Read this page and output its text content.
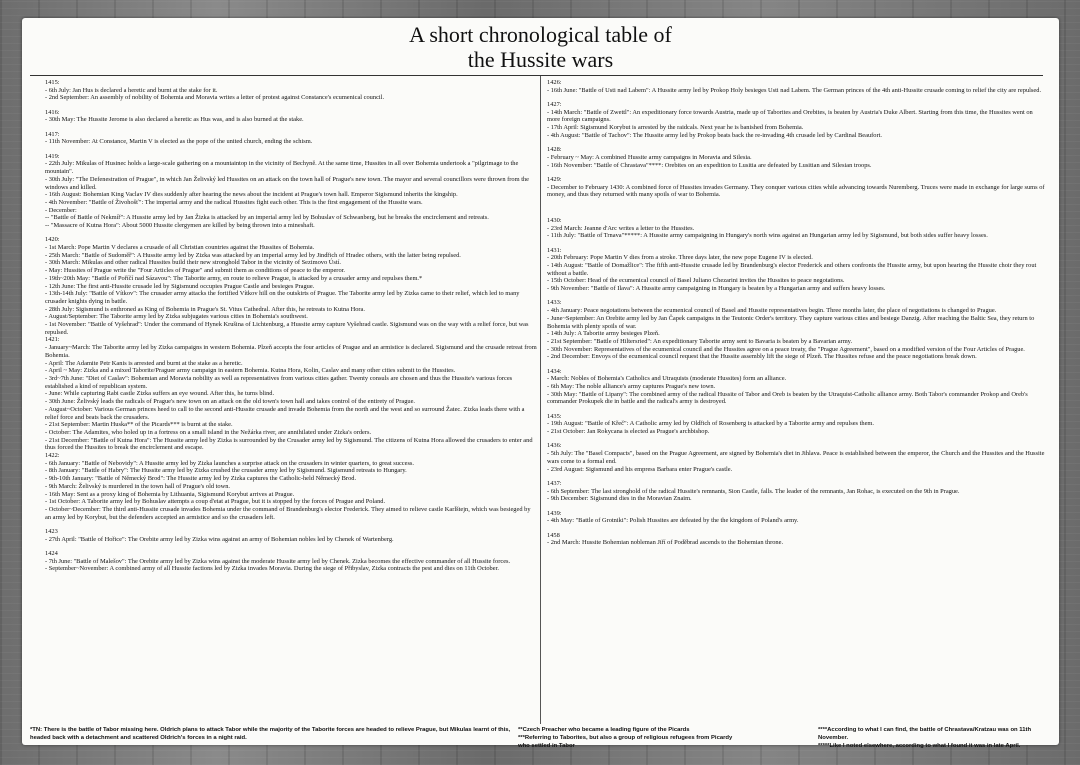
A short chronological table of
the Hussite wars
1415:
- 6th July: Jan Hus is declared a heretic and burnt at the stake for it.
- 2nd September: An assembly of nobility of Bohemia and Moravia writes a letter of protest against Constance's ecumenical council.
1416:
- 30th May: The Hussite Jerome is also declared a heretic as Hus was, and is also burned at the stake.
1417:
- 11th November: At Constance, Martin V is elected as the pope of the united church, ending the schism.
1419:
- 22th July: Mikulas of Husinec holds a large-scale gathering on a mountaintop in the vicinity of Bechyně. At the same time, Hussites in all over Bohemia undertook a "pilgrimage to the mountain".
- 30th July: "The Defenestration of Prague", in which Jan Želivský led Hussites on an attack on the town hall of Prague's new town. The mayor and several councillors were thrown from the windows and killed.
- 16th August: Bohemian King Vaclav IV dies suddenly after hearing the news about the incident at Prague's town hall. Emperor Sigismund inherits the kingship.
- 4th November: "Battle of Živohošť": The imperial army and the radical Hussites fight each other. This is the first engagement of the Hussite wars.
- December:
-- "Battle of Battle of Nekmíř": A Hussite army led by Jan Žizka is attacked by an imperial army led by Bohuslav of Schwanberg, but he breaks the encirclement and retreats.
-- "Massacre of Kutna Hora": About 5000 Hussite clergymen are killed by being thrown into a mineshaft.
1420:
- 1st March: Pope Martin V declares a crusade of all Christian countries against the Hussites of Bohemia.
- 25th March: "Battle of Sudoměř": A Hussite army led by Zizka was attacked by an imperial army led by Jindřich of Hradec others, with the latter being repulsed.
- 30th March: Mikulas and other radical Hussites build their new stronghold Tabor in the vicinity of Sezimovo Ústí.
- May: Hussites of Prague write the "Four Articles of Prague" and submit them as conditions of peace to the emperor.
- 19th~20th May: "Battle of Poříčí nad Sázavou": The Taborite army, en route to relieve Prague, is attacked by a crusader army and repulses them.*
- 12th June: The first anti-Hussite crusade led by Sigismund occupies Prague Castle and besieges Prague.
- 13th-14th July: "Battle of Vítkov": The crusader army attacks the fortified Vítkov hill on the outskirts of Prague. The Taborite army led by Zizka came to their relief, which led to many crusader knights dying in battle.
- 28th July: Sigismund is enthroned as King of Bohemia in Prague's St. Vitus Cathedral. After this, he retreats to Kutna Hora.
- August/September: The Taborite army led by Zizka subjugates various cities in Bohemia's southwest.
- 1st November: "Battle of Vyšehrad": Under the command of Hynek Krušina of Lichtenburg, a Hussite army capture Vyšehrad castle. Sigismund was on the way with a relief force, but was repulsed.
1421:
- January~March: The Taborite army led by Zizka campaigns in western Bohemia. Plzeň accepts the four articles of Prague and an armistice is declared. Sigismund and the crusade retreat from Bohemia.
- April: The Adamite Petr Kanis is arrested and burnt at the stake as a heretic.
- April ~ May: Zizka and a mixed Taborite/Praguer army campaign in eastern Bohemia. Kutna Hora, Kolin, Caslav and many other cities submit to the Hussites.
- 3rd~7th June: "Diet of Caslav": Bohemian and Moravia nobility as well as representatives from various cities gather. Twenty consuls are chosen and thus the Hussite's various forces established a kind of republican system.
- June: While capturing Rabi castle Zizka suffers an eye wound. After this, he turns blind.
- 30th June: Želivský leads the radicals of Prague's new town on an attack on the old town's town hall and takes control of the entirety of Prague.
- August~October: Various German princes heed to call to the second anti-Hussite crusade and invade Bohemia from the north and the west and so surround Žatec. Zizka leads there with a relief force and beats back the crusaders.
- 21st September: Martin Huska** of the Picards*** is burnt at the stake.
- October: The Adamites, who holed up in a fortress on a small island in the Nežárka river, are annihilated under Zizka's orders.
- 21st December: "Battle of Kutna Hora": The Hussite army led by Zizka is surrounded by the Crusader army led by Sigismund. The citizens of Kutna Hora allowed the crusaders to enter and thus forced the Hussites to break the encirclement and escape.
1422:
- 6th January: "Battle of Nebovidy": A Hussite army led by Zizka launches a surprise attack on the crusaders in winter quarters, to great success.
- 8th January: "Battle of Habry": The Hussite army led by Zizka crushed the crusader army led by Sigismund. Sigismund retreats to Hungary.
- 9th-10th January: "Battle of Německý Brod": The Hussite army led by Zizka captures the Catholic-held Německý Brod.
- 9th March: Želivský is murdered in the town hall of Prague's old town.
- 16th May: Sent as a proxy king of Bohemia by Lithuania, Sigismund Korybut arrives at Prague.
- 1st October: A Taborite army led by Bohuslav attempts a coup d'etat at Prague, but it is stopped by the forces of Prague and Poland.
- October~December: The third anti-Hussite crusade invades Bohemia under the command of Brandenburg's elector Frederick. They aimed to relieve castle Karlštejn, which was besieged by an army led by Korybut, but the defenders accepted an armistice and so the crusaders left.
1423
- 27th April: "Battle of Hořice": The Orebite army led by Zizka wins against an army of Bohemian nobles led by Chenek of Wartenberg.
1424
- 7th June: "Battle of Malešov": The Orebite army led by Zizka wins against the moderate Hussite army led by Chenek. Zizka becomes the effective commander of all Hussite forces.
- September~November: A combined army of all Hussite factions led by Zizka invades Moravia. During the siege of Přibyslav, Zizka contracts the pest and dies on 11th October.
1426:
- 16th June: "Battle of Usti nad Labem": A Hussite army led by Prokop Holy besieges Usti nad Labem. The German princes of the 4th anti-Hussite crusade coming to relief the city are repulsed.
1427:
- 14th March: "Battle of Zwettl": An expeditionary force towards Austria, made up of Taborites and Orebites, is beaten by Austria's Duke Albert. Starting from this time, the Hussites went on more foreign campaigns.
- 17th April: Sigismund Korybut is arrested by the raidcals. Next year he is banished from Bohemia.
- 4th August: "Battle of Tachov": The Hussite army led by Prokop beats back the re-invading 4th crusade led by Cardinal Beaufort.
1428:
- February ~ May: A combined Hussite army campaigns in Moravia and Silesia.
- 16th November: "Battle of Chrastava"****: Orebites on an expedition to Lusitia are defeated by Lusitian and Silesian troops.
1429:
- December to February 1430: A combined force of Hussites invades Germany. They conquer various cities while advancing towards Nuremberg. Truces were made in exchange for large sums of money, and thus they returned with many spoils of war to Bohemia.
1430:
- 23rd March: Jeanne d'Arc writes a letter to the Hussites.
- 11th July: "Battle of Trnava"*****: A Hussite army campaigning in Hungary's north wins against an Hungarian army led by Sigismund, but both sides suffer heavy losses.
1431:
- 20th February: Pope Martin V dies from a stroke. Three days later, the new pope Eugene IV is elected.
- 14th August: "Battle of Domažlice": The fifth anti-Hussite crusade led by Brandenburg's elector Frederick and others confronts the Hussite army, but upon hearing the Hussite choir they rout without a battle.
- 15th October: Head of the ecumenical council of Basel Juliano Chezarini invites the Hussites to peace negotations.
- 9th November: "Battle of Ilava": A Hussite army campaigning in Hungary is beaten by a Hungarian army and suffers heavy losses.
1433:
- 4th January: Peace negotations between the ecumenical council of Basel and Hussite representatives begin. Three months later, the place of negotiations is changed to Prague.
- June~September: An Orebite army led by Jan Čapek campaigns in the Teutonic Order's territory. They capture various cities and besiege Danzig. After reaching the Baltic Sea, they return to Bohemia with plenty spoils of war.
- 14th July: A Taborite army besieges Plzeň.
- 21st September: "Battle of Hiltersried": An expeditionary Taborite army sent to Bavaria is beaten by a Bavarian army.
- 30th November: Representatives of the ecumenical council and the Hussites agree on a peace treaty, the "Prague Agreement", based on a modified version of the Four Articles of Prague.
- 2nd December: Envoys of the ecumenical council request that the Hussite assembly lift the siege of Plzeň. The Hussites refuse and the peace negotiations break down.
1434:
- March: Nobles of Bohemia's Catholics and Utraquists (moderate Hussites) form an alliance.
- 6th May: The noble alliance's army captures Prague's new town.
- 30th May: "Battle of Lipany": The combined army of the radical Hussite of Tabor and Oreb is beaten by the Utraquist-Catholic alliance army. Both Tabor's commander Prokop and Oreb's commander Prokupek die in battle and the radical's army is destroyed.
1435:
- 19th August: "Battle of Křeč": A Catholic army led by Oldřich of Rosenberg is attacked by a Taborite army and repulses them.
- 21st October: Jan Rokycana is elected as Prague's archbishop.
1436:
- 5th July: The "Basel Compacts", based on the Prague Agreement, are signed by Bohemia's diet in Jihlava. Peace is established between the emperor, the Church and the Hussites and the Hussite wars come to a formal end.
- 23rd August: Sigismund and his empress Barbara enter Prague's castle.
1437:
- 6th September: The last stronghold of the radical Hussite's remnants, Sion Castle, falls. The leader of the remnants, Jan Rohac, is executed on the 9th in Prague.
- 9th December: Sigismund dies in the Moravian Znaim.
1439:
- 4th May: "Battle of Grotniki": Polish Hussites are defeated by the the kingdom of Poland's army.
1458
- 2nd March: Hussite Bohemian nobleman Jiří of Poděbrad ascends to the Bohemian throne.
*TN: There is the battle of Tabor missing here. Oldrich plans to attack Tabor while the majority of the Taborite forces are headed to relieve Prague, but Mikulas learnt of this, headed back with a detachment and scattered Oldrich's forces in a night raid.
**Czech Preacher who became a leading figure of the Picards
***Referring to Taborites, but also a group of religious refugees from Picardy who settled in Tabor
****According to what I can find, the battle of Chrastava/Kratzau was on 11th November.
*****Like I noted elsewhere, according to what I found it was in late April.
